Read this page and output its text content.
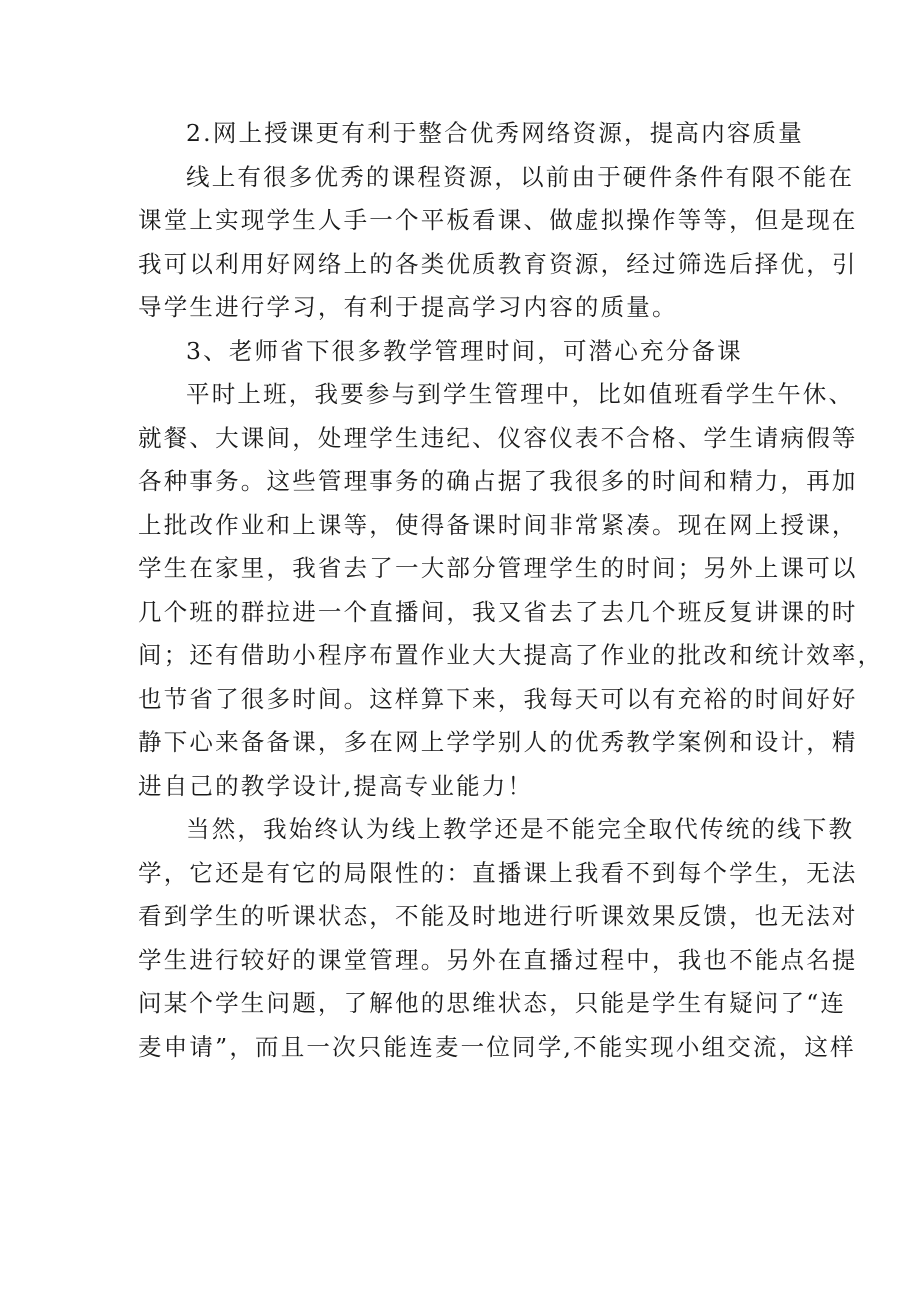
2.网上授课更有利于整合优秀网络资源，提高内容质量
线上有很多优秀的课程资源，以前由于硬件条件有限不能在
课堂上实现学生人手一个平板看课、做虚拟操作等等，但是现在
我可以利用好网络上的各类优质教育资源，经过筛选后择优，引
导学生进行学习，有利于提高学习内容的质量。
3、老师省下很多教学管理时间，可潜心充分备课
平时上班，我要参与到学生管理中，比如值班看学生午休、
就餐、大课间，处理学生违纪、仪容仪表不合格、学生请病假等
各种事务。这些管理事务的确占据了我很多的时间和精力，再加
上批改作业和上课等，使得备课时间非常紧凑。现在网上授课，
学生在家里，我省去了一大部分管理学生的时间；另外上课可以
几个班的群拉进一个直播间，我又省去了去几个班反复讲课的时
间；还有借助小程序布置作业大大提高了作业的批改和统计效率，
也节省了很多时间。这样算下来，我每天可以有充裕的时间好好
静下心来备备课，多在网上学学别人的优秀教学案例和设计，精
进自己的教学设计,提高专业能力！
当然，我始终认为线上教学还是不能完全取代传统的线下教
学，它还是有它的局限性的：直播课上我看不到每个学生，无法
看到学生的听课状态，不能及时地进行听课效果反馈，也无法对
学生进行较好的课堂管理。另外在直播过程中，我也不能点名提
问某个学生问题，了解他的思维状态，只能是学生有疑问了“连
麦申请”，而且一次只能连麦一位同学,不能实现小组交流，这样
